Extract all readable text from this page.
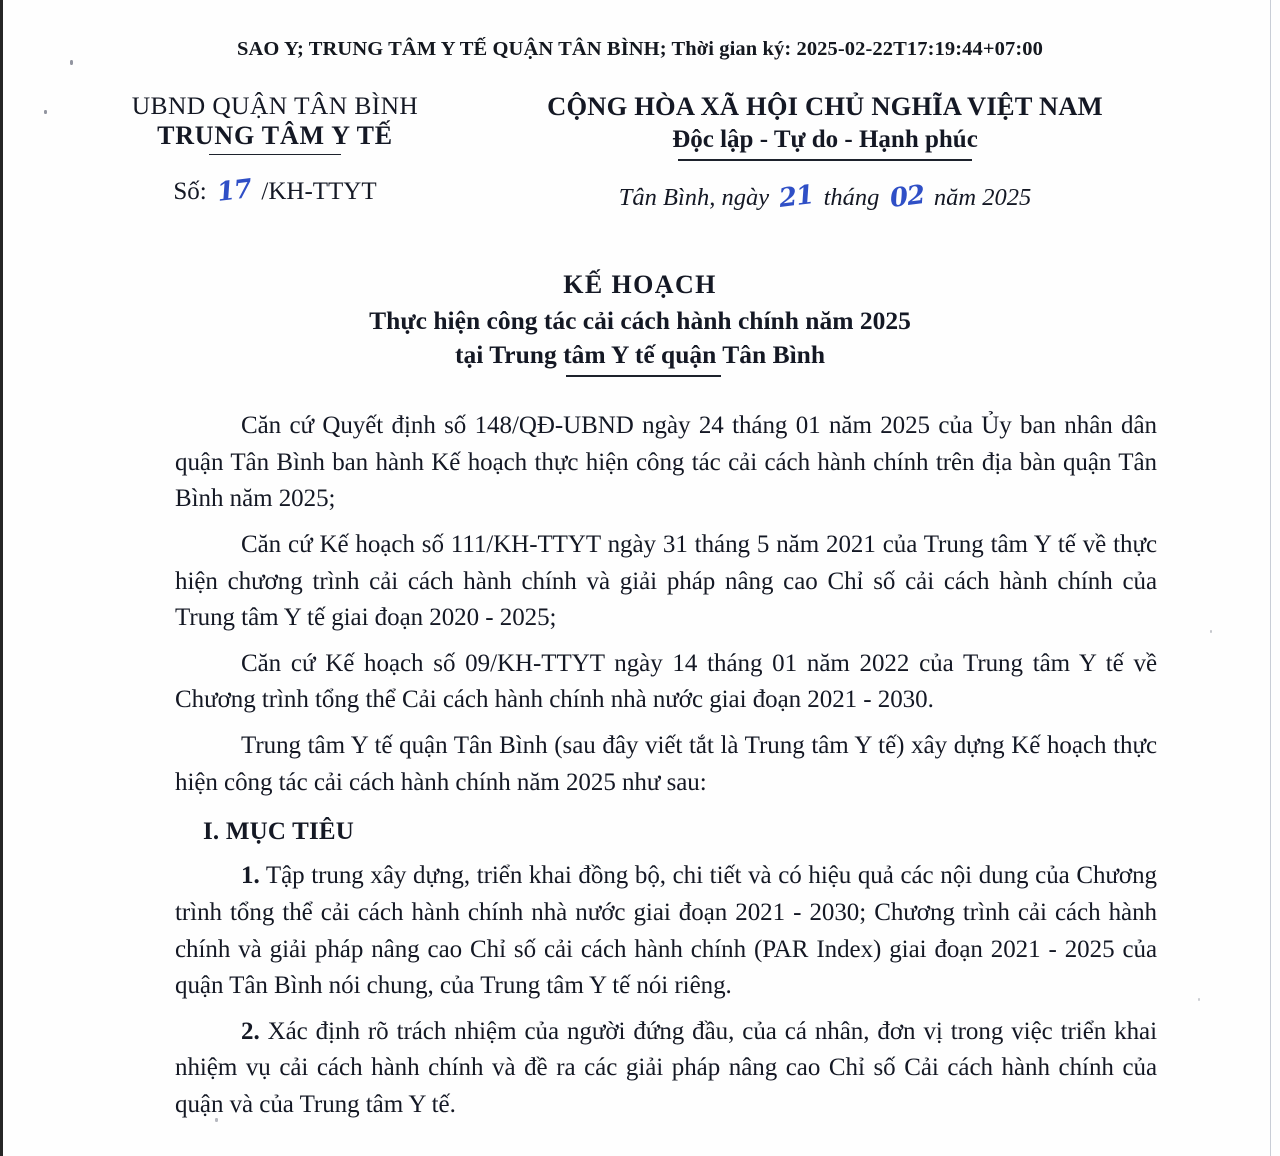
SAO Y; TRUNG TÂM Y TẾ QUẬN TÂN BÌNH; Thời gian ký: 2025-02-22T17:19:44+07:00
UBND QUẬN TÂN BÌNH
TRUNG TÂM Y TẾ
Số: 17 /KH-TTYT
CỘNG HÒA XÃ HỘI CHỦ NGHĨA VIỆT NAM
Độc lập - Tự do - Hạnh phúc
Tân Bình, ngày 21 tháng 02 năm 2025
KẾ HOẠCH
Thực hiện công tác cải cách hành chính năm 2025
tại Trung tâm Y tế quận Tân Bình

Căn cứ Quyết định số 148/QĐ-UBND ngày 24 tháng 01 năm 2025 của Ủy ban nhân dân quận Tân Bình ban hành Kế hoạch thực hiện công tác cải cách hành chính trên địa bàn quận Tân Bình năm 2025;

Căn cứ Kế hoạch số 111/KH-TTYT ngày 31 tháng 5 năm 2021 của Trung tâm Y tế về thực hiện chương trình cải cách hành chính và giải pháp nâng cao Chỉ số cải cách hành chính của Trung tâm Y tế giai đoạn 2020 - 2025;

Căn cứ Kế hoạch số 09/KH-TTYT ngày 14 tháng 01 năm 2022 của Trung tâm Y tế về Chương trình tổng thể Cải cách hành chính nhà nước giai đoạn 2021 - 2030.

Trung tâm Y tế quận Tân Bình (sau đây viết tắt là Trung tâm Y tế) xây dựng Kế hoạch thực hiện công tác cải cách hành chính năm 2025 như sau:

I. MỤC TIÊU

1. Tập trung xây dựng, triển khai đồng bộ, chi tiết và có hiệu quả các nội dung của Chương trình tổng thể cải cách hành chính nhà nước giai đoạn 2021 - 2030; Chương trình cải cách hành chính và giải pháp nâng cao Chỉ số cải cách hành chính (PAR Index) giai đoạn 2021 - 2025 của quận Tân Bình nói chung, của Trung tâm Y tế nói riêng.

2. Xác định rõ trách nhiệm của người đứng đầu, của cá nhân, đơn vị trong việc triển khai nhiệm vụ cải cách hành chính và đề ra các giải pháp nâng cao Chỉ số Cải cách hành chính của quận và của Trung tâm Y tế.
